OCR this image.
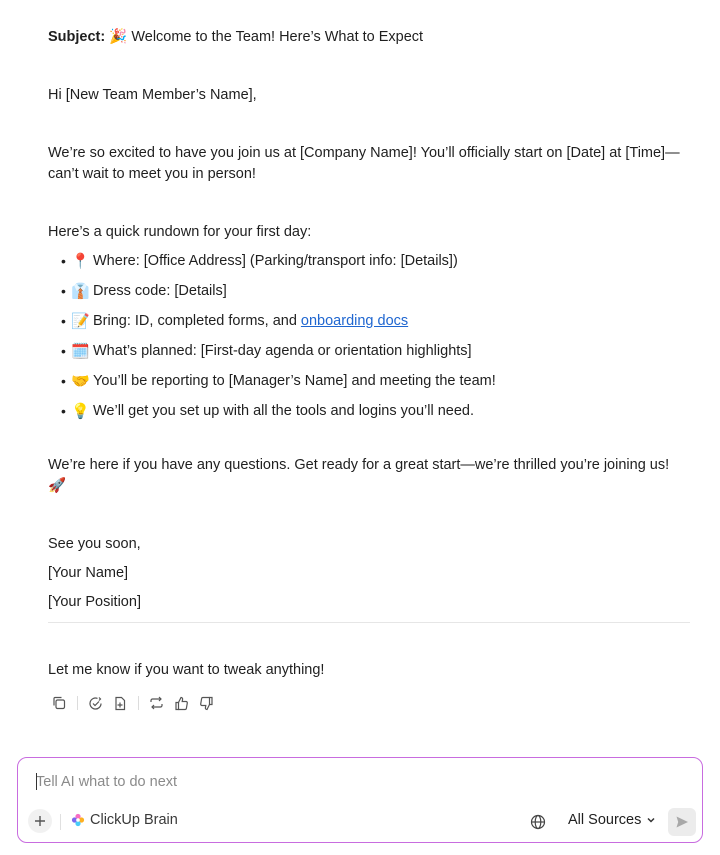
Subject: 🎉 Welcome to the Team! Here’s What to Expect
Hi [New Team Member’s Name],
We’re so excited to have you join us at [Company Name]! You’ll officially start on [Date] at [Time]—can’t wait to meet you in person!
Here’s a quick rundown for your first day:
• 📍 Where: [Office Address] (Parking/transport info: [Details])
• 👔 Dress code: [Details]
• 📝 Bring: ID, completed forms, and onboarding docs
• 🗓️ What’s planned: [First-day agenda or orientation highlights]
• 🤝 You’ll be reporting to [Manager’s Name] and meeting the team!
• 💡 We’ll get you set up with all the tools and logins you’ll need.
We’re here if you have any questions. Get ready for a great start—we’re thrilled you’re joining us!
🚀
See you soon,
[Your Name]
[Your Position]
Let me know if you want to tweak anything!
Tell AI what to do next
ClickUp Brain	All Sources
